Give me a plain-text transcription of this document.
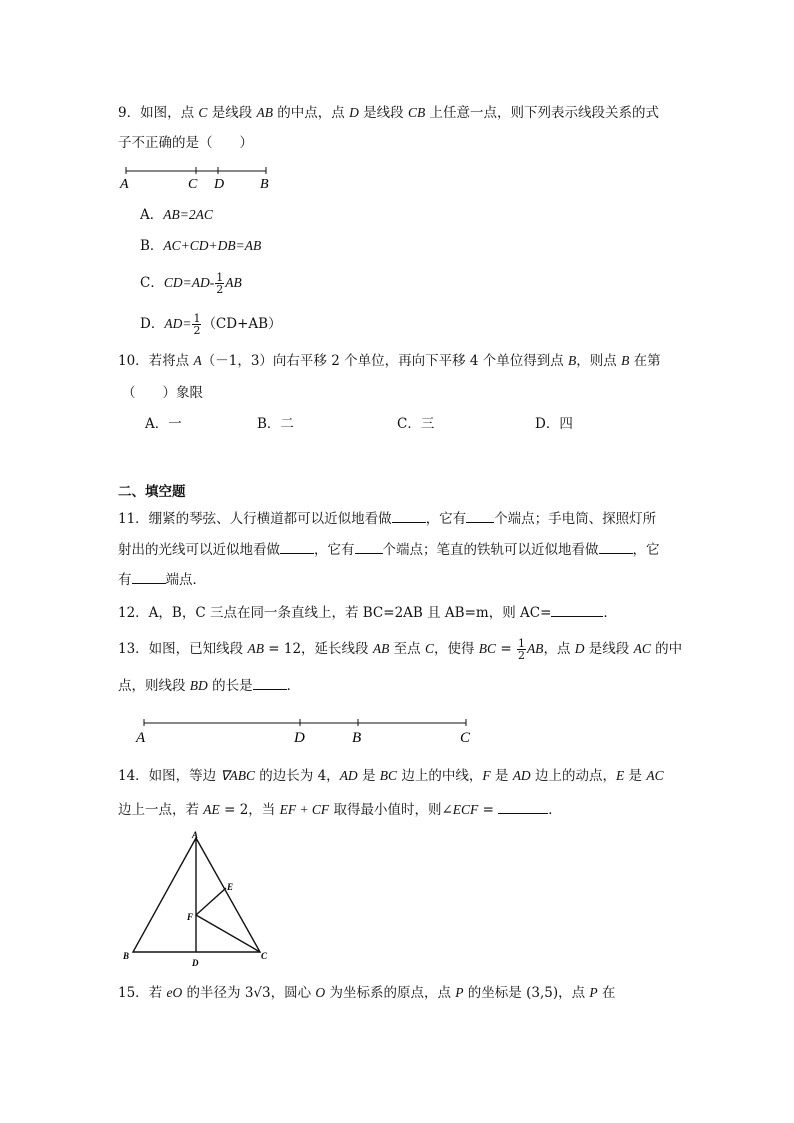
9．如图，点 C 是线段 AB 的中点，点 D 是线段 CB 上任意一点，则下列表示线段关系的式
子不正确的是（　　）
A	C D	B
A．AB=2AC
B．AC+CD+DB=AB
C．$CD=AD- \frac{1}{2}$ AB
D．$AD= \frac{1}{2} (CD+AB)$
10．若将点 A（－1，3）向右平移 2 个单位，再向下平移 4 个单位得到点 B，则点 B 在第
（　　）象限
A．一	B．二	C．三	D．四
二、填空题
11．绷紧的琴弦、人行横道都可以近似地看做	，它有 个端点；手电筒、探照灯所
射出的光线可以近似地看做	，它有 个端点；笔直的铁轨可以近似地看做	，它
有	端点．
12．A，B，C 三点在同一条直线上，若 BC=2AB 且 AB=m，则 AC=	．
13．如图，已知线段 AB = 12，延长线段 AB 至点 C，使得 BC = $\frac{1}{2}$ AB，点 D 是线段 AC 的中
点，则线段 BD 的长是	．
A	D	B	C
14．如图，等边 ∇ABC 的边长为 4，AD 是 BC 边上的中线，F 是 AD 边上的动点，E 是 AC
边上一点，若 AE = 2，当 EF + CF 取得最小值时，则∠ECF =	．
A
E
F
B
D
C
15．若 eO 的半径为 3√3，圆心 O 为坐标系的原点，点 P 的坐标是 (3,5)，点 P 在
